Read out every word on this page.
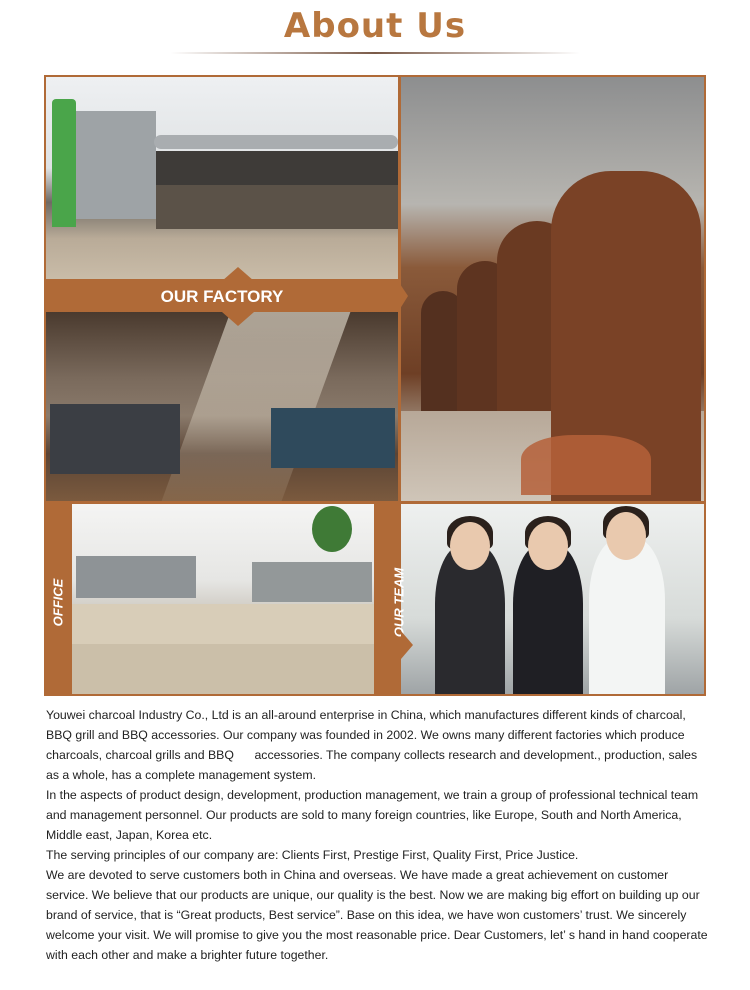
About Us
OUR FACTORY
OFFICE	OUR TEAM

Youwei charcoal Industry Co., Ltd is an all-around enterprise in China, which manufactures different kinds of charcoal, BBQ grill and BBQ accessories. Our company was founded in 2002. We owns many different factories which produce charcoals, charcoal grills and BBQ      accessories. The company collects research and development., production, sales as a whole, has a complete management system.

In the aspects of product design, development, production management, we train a group of professional technical team and management personnel. Our products are sold to many foreign countries, like Europe, South and North America, Middle east, Japan, Korea etc.

The serving principles of our company are: Clients First, Prestige First, Quality First, Price Justice.

We are devoted to serve customers both in China and overseas. We have made a great achievement on customer service. We believe that our products are unique, our quality is the best. Now we are making big effort on building up our brand of service, that is “Great products, Best service”. Base on this idea, we have won customers’ trust. We sincerely welcome your visit. We will promise to give you the most reasonable price. Dear Customers, let’ s hand in hand cooperate with each other and make a brighter future together.
